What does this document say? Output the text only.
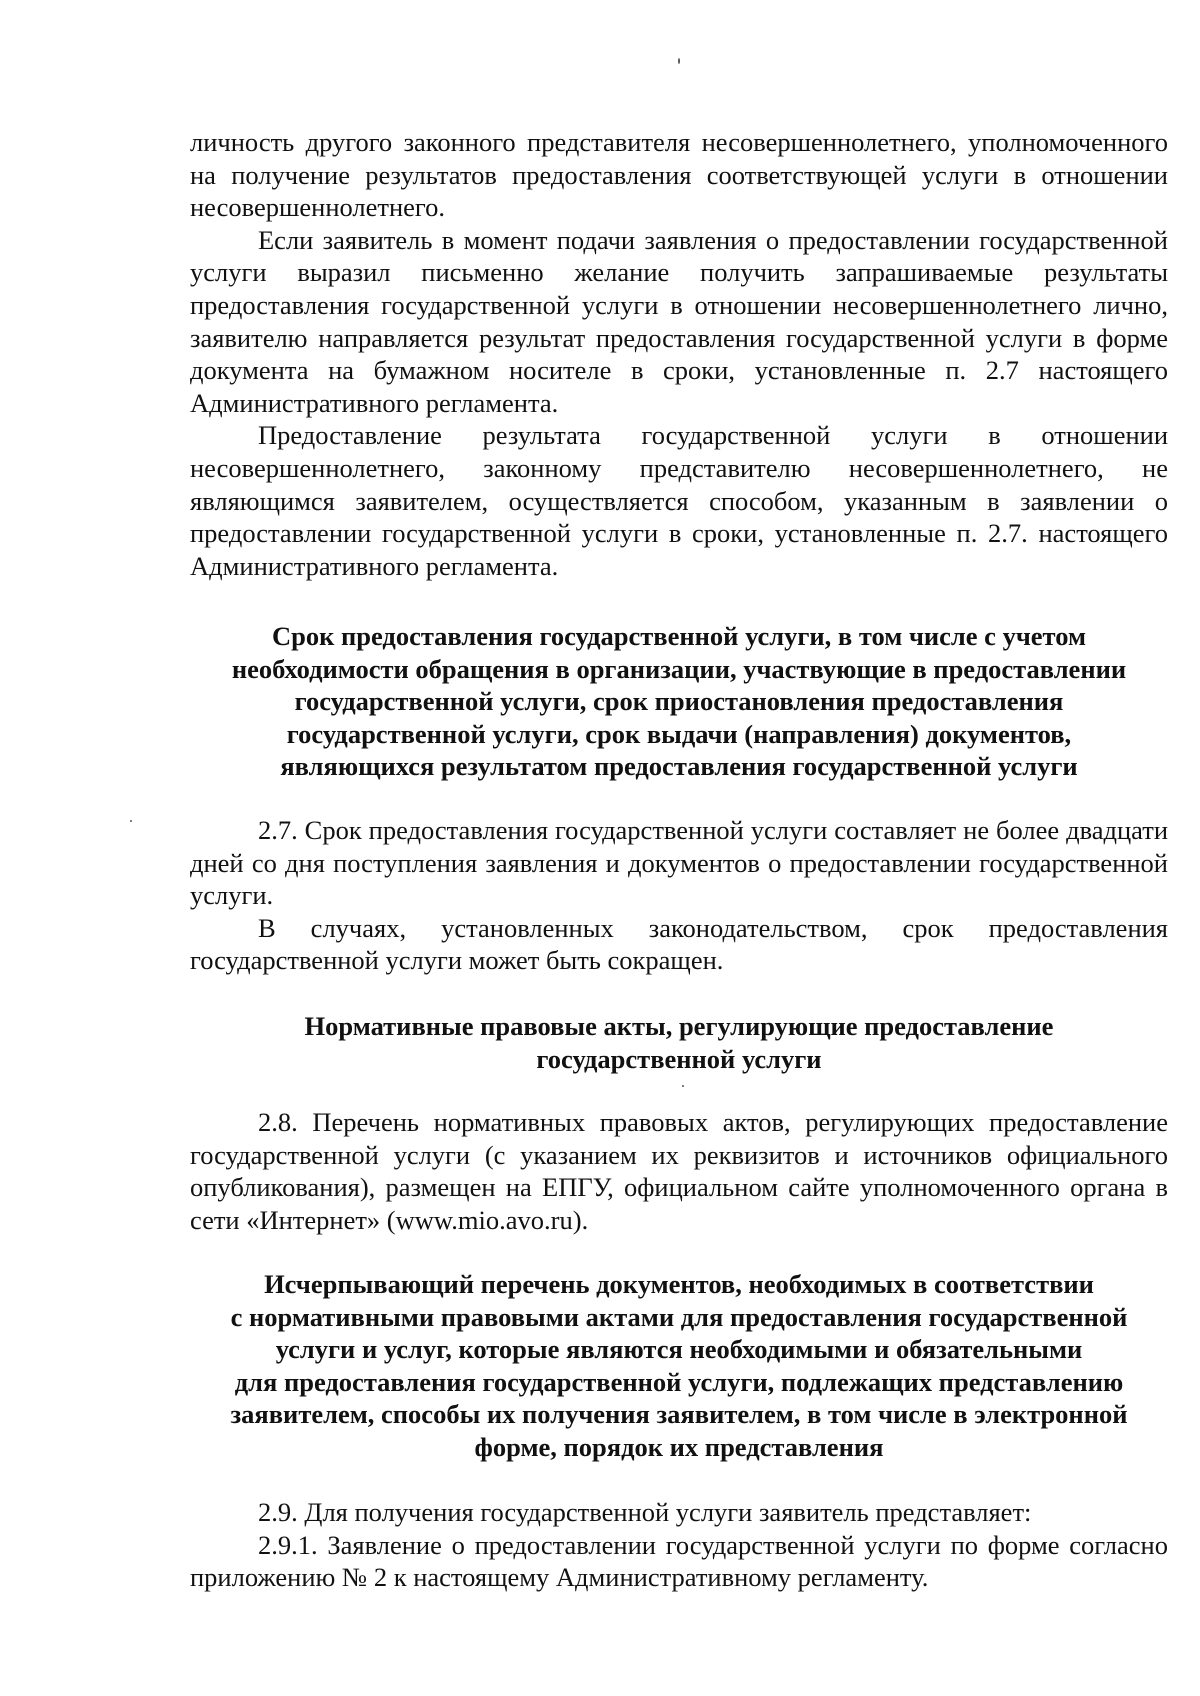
личность другого законного представителя несовершеннолетнего, уполномоченного на получение результатов предоставления соответствующей услуги в отношении несовершеннолетнего.

Если заявитель в момент подачи заявления о предоставлении государственной услуги выразил письменно желание получить запрашиваемые результаты предоставления государственной услуги в отношении несовершеннолетнего лично, заявителю направляется результат предоставления государственной услуги в форме документа на бумажном носителе в сроки, установленные п. 2.7 настоящего Административного регламента.

Предоставление результата государственной услуги в отношении несовершеннолетнего, законному представителю несовершеннолетнего, не являющимся заявителем, осуществляется способом, указанным в заявлении о предоставлении государственной услуги в сроки, установленные п. 2.7. настоящего Административного регламента.

Срок предоставления государственной услуги, в том числе с учетом
необходимости обращения в организации, участвующие в предоставлении
государственной услуги, срок приостановления предоставления
государственной услуги, срок выдачи (направления) документов,
являющихся результатом предоставления государственной услуги

2.7. Срок предоставления государственной услуги составляет не более двадцати дней со дня поступления заявления и документов о предоставлении государственной услуги.

В случаях, установленных законодательством, срок предоставления государственной услуги может быть сокращен.

Нормативные правовые акты, регулирующие предоставление
государственной услуги

2.8. Перечень нормативных правовых актов, регулирующих предоставление государственной услуги (с указанием их реквизитов и источников официального опубликования), размещен на ЕПГУ, официальном сайте уполномоченного органа в сети «Интернет» (www.mio.avo.ru).

Исчерпывающий перечень документов, необходимых в соответствии
с нормативными правовыми актами для предоставления государственной
услуги и услуг, которые являются необходимыми и обязательными
для предоставления государственной услуги, подлежащих представлению
заявителем, способы их получения заявителем, в том числе в электронной
форме, порядок их представления

2.9. Для получения государственной услуги заявитель представляет:

2.9.1. Заявление о предоставлении государственной услуги по форме согласно приложению № 2 к настоящему Административному регламенту.
